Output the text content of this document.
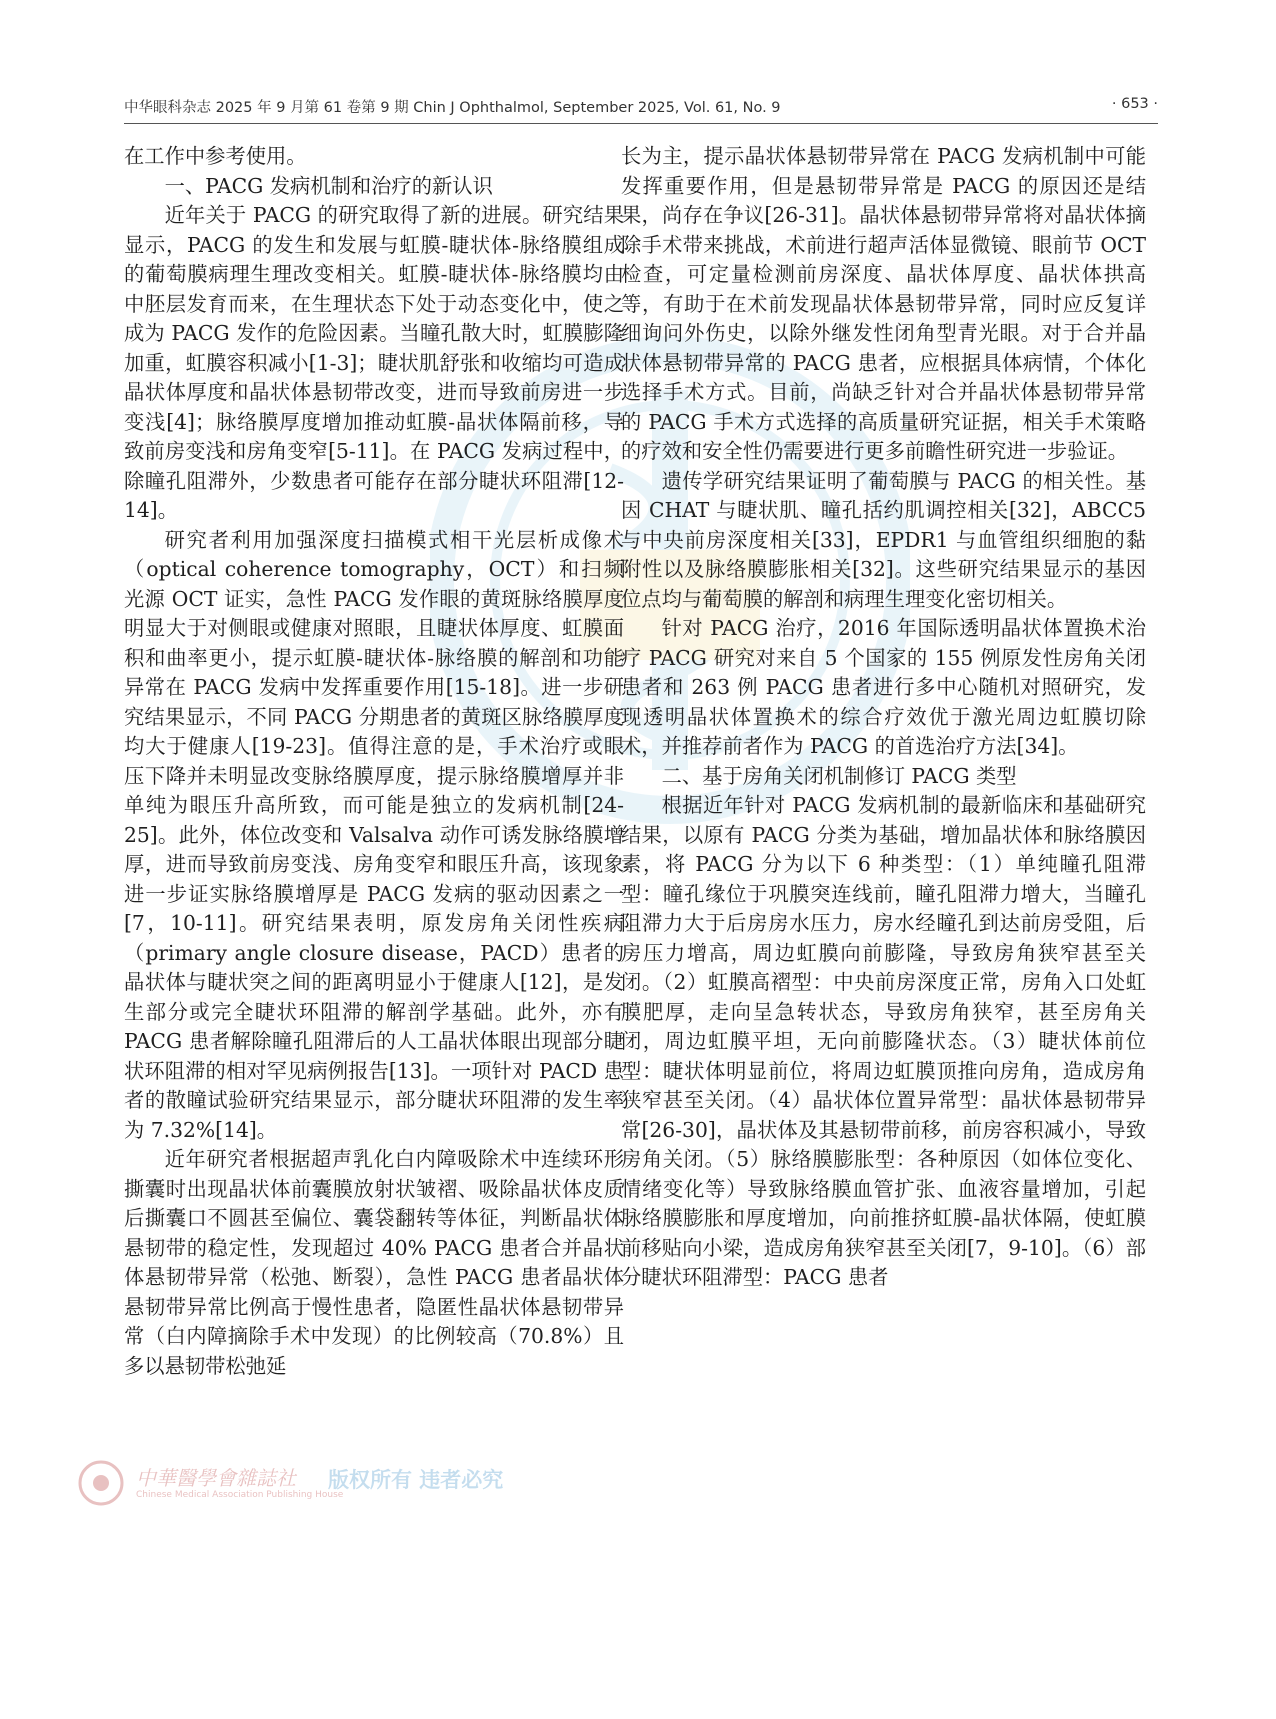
中华眼科杂志 2025 年 9 月第 61 卷第 9 期 Chin J Ophthalmol, September 2025, Vol. 61, No. 9	· 653 ·

在工作中参考使用。

一、PACG 发病机制和治疗的新认识

近年关于 PACG 的研究取得了新的进展。研究结果显示，PACG 的发生和发展与虹膜-睫状体-脉络膜组成的葡萄膜病理生理改变相关。虹膜-睫状体-脉络膜均由中胚层发育而来，在生理状态下处于动态变化中，使之成为 PACG 发作的危险因素。当瞳孔散大时，虹膜膨隆加重，虹膜容积减小[1-3]；睫状肌舒张和收缩均可造成晶状体厚度和晶状体悬韧带改变，进而导致前房进一步变浅[4]；脉络膜厚度增加推动虹膜-晶状体隔前移，导致前房变浅和房角变窄[5-11]。在 PACG 发病过程中，除瞳孔阻滞外，少数患者可能存在部分睫状环阻滞[12-14]。

研究者利用加强深度扫描模式相干光层析成像术（optical coherence tomography，OCT）和扫频光源 OCT 证实，急性 PACG 发作眼的黄斑脉络膜厚度明显大于对侧眼或健康对照眼，且睫状体厚度、虹膜面积和曲率更小，提示虹膜-睫状体-脉络膜的解剖和功能异常在 PACG 发病中发挥重要作用[15-18]。进一步研究结果显示，不同 PACG 分期患者的黄斑区脉络膜厚度均大于健康人[19-23]。值得注意的是，手术治疗或眼压下降并未明显改变脉络膜厚度，提示脉络膜增厚并非单纯为眼压升高所致，而可能是独立的发病机制[24-25]。此外，体位改变和 Valsalva 动作可诱发脉络膜增厚，进而导致前房变浅、房角变窄和眼压升高，该现象进一步证实脉络膜增厚是 PACG 发病的驱动因素之一[7，10-11]。研究结果表明，原发房角关闭性疾病（primary angle closure disease，PACD）患者的晶状体与睫状突之间的距离明显小于健康人[12]，是发生部分或完全睫状环阻滞的解剖学基础。此外，亦有 PACG 患者解除瞳孔阻滞后的人工晶状体眼出现部分睫状环阻滞的相对罕见病例报告[13]。一项针对 PACD 患者的散瞳试验研究结果显示，部分睫状环阻滞的发生率为 7.32%[14]。

近年研究者根据超声乳化白内障吸除术中连续环形撕囊时出现晶状体前囊膜放射状皱褶、吸除晶状体皮质后撕囊口不圆甚至偏位、囊袋翻转等体征，判断晶状体悬韧带的稳定性，发现超过 40% PACG 患者合并晶状体悬韧带异常（松弛、断裂），急性 PACG 患者晶状体悬韧带异常比例高于慢性患者，隐匿性晶状体悬韧带异常（白内障摘除手术中发现）的比例较高（70.8%）且多以悬韧带松弛延

长为主，提示晶状体悬韧带异常在 PACG 发病机制中可能发挥重要作用，但是悬韧带异常是 PACG 的原因还是结果，尚存在争议[26-31]。晶状体悬韧带异常将对晶状体摘除手术带来挑战，术前进行超声活体显微镜、眼前节 OCT 检查，可定量检测前房深度、晶状体厚度、晶状体拱高等，有助于在术前发现晶状体悬韧带异常，同时应反复详细询问外伤史，以除外继发性闭角型青光眼。对于合并晶状体悬韧带异常的 PACG 患者，应根据具体病情，个体化选择手术方式。目前，尚缺乏针对合并晶状体悬韧带异常的 PACG 手术方式选择的高质量研究证据，相关手术策略的疗效和安全性仍需要进行更多前瞻性研究进一步验证。

遗传学研究结果证明了葡萄膜与 PACG 的相关性。基因 CHAT 与睫状肌、瞳孔括约肌调控相关[32]，ABCC5 与中央前房深度相关[33]，EPDR1 与血管组织细胞的黏附性以及脉络膜膨胀相关[32]。这些研究结果显示的基因位点均与葡萄膜的解剖和病理生理变化密切相关。

针对 PACG 治疗，2016 年国际透明晶状体置换术治疗 PACG 研究对来自 5 个国家的 155 例原发性房角关闭患者和 263 例 PACG 患者进行多中心随机对照研究，发现透明晶状体置换术的综合疗效优于激光周边虹膜切除术，并推荐前者作为 PACG 的首选治疗方法[34]。

二、基于房角关闭机制修订 PACG 类型

根据近年针对 PACG 发病机制的最新临床和基础研究结果，以原有 PACG 分类为基础，增加晶状体和脉络膜因素，将 PACG 分为以下 6 种类型：（1）单纯瞳孔阻滞型：瞳孔缘位于巩膜突连线前，瞳孔阻滞力增大，当瞳孔阻滞力大于后房房水压力，房水经瞳孔到达前房受阻，后房压力增高，周边虹膜向前膨隆，导致房角狭窄甚至关闭。（2）虹膜高褶型：中央前房深度正常，房角入口处虹膜肥厚，走向呈急转状态，导致房角狭窄，甚至房角关闭，周边虹膜平坦，无向前膨隆状态。（3）睫状体前位型：睫状体明显前位，将周边虹膜顶推向房角，造成房角狭窄甚至关闭。（4）晶状体位置异常型：晶状体悬韧带异常[26-30]，晶状体及其悬韧带前移，前房容积减小，导致房角关闭。（5）脉络膜膨胀型：各种原因（如体位变化、情绪变化等）导致脉络膜血管扩张、血液容量增加，引起脉络膜膨胀和厚度增加，向前推挤虹膜-晶状体隔，使虹膜前移贴向小梁，造成房角狭窄甚至关闭[7，9-10]。（6）部分睫状环阻滞型：PACG 患者

中華醫學會雜誌社
Chinese Medical Association Publishing House
版权所有 违者必究
